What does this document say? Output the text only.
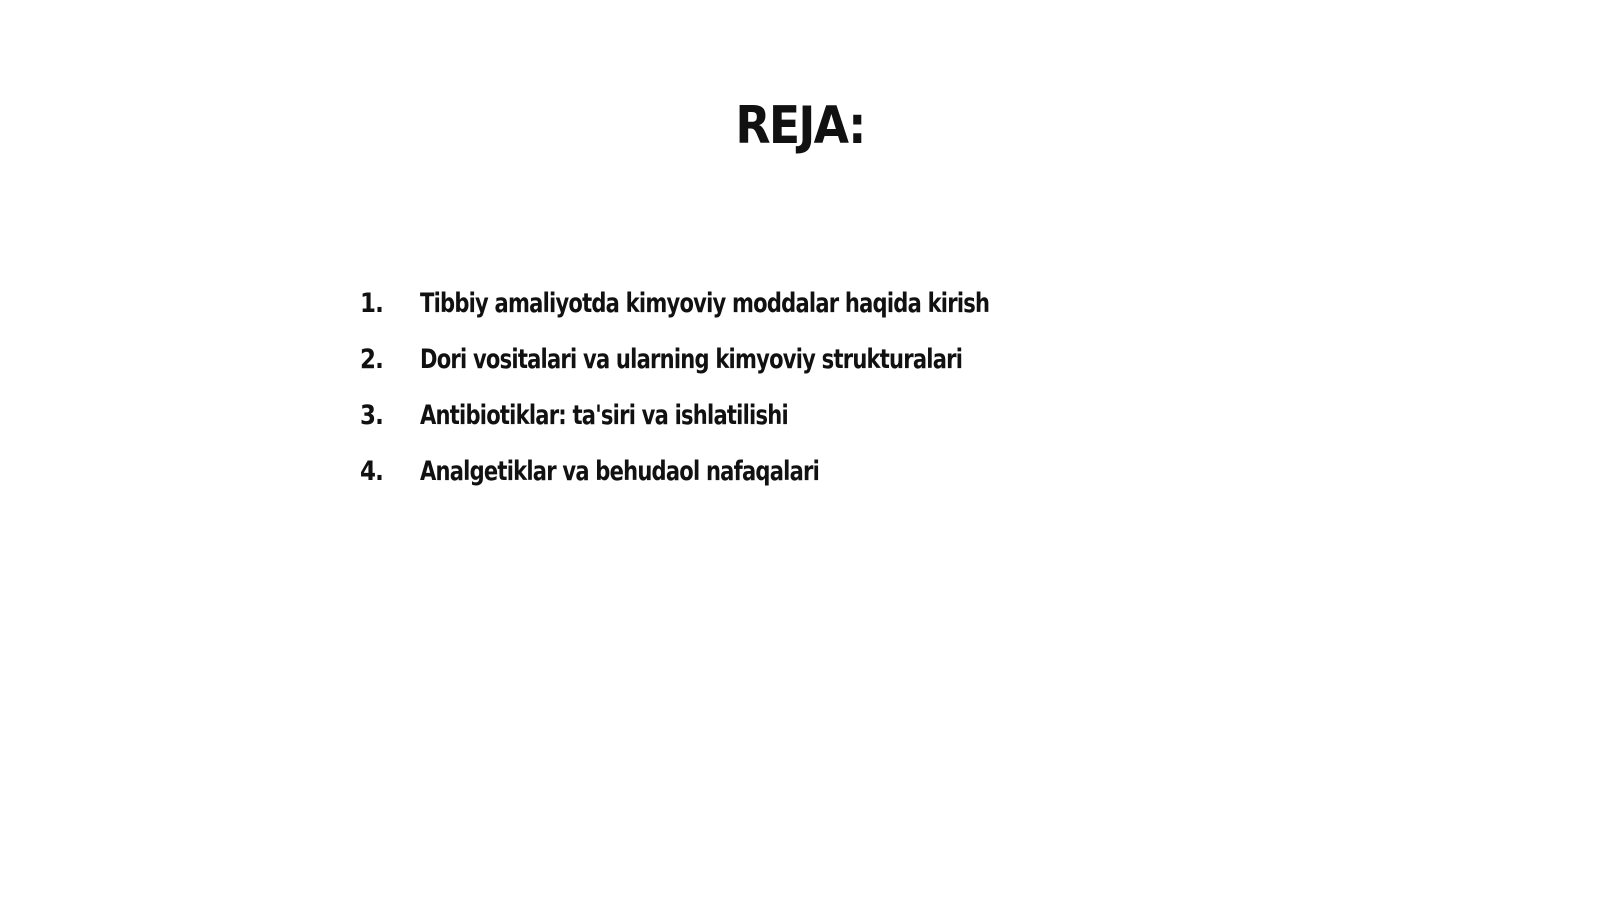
REJA:
1.	Tibbiy amaliyotda kimyoviy moddalar haqida kirish
2.	Dori vositalari va ularning kimyoviy strukturalari
3.	Antibiotiklar: ta'siri va ishlatilishi
4.	Analgetiklar va behudaol nafaqalari
